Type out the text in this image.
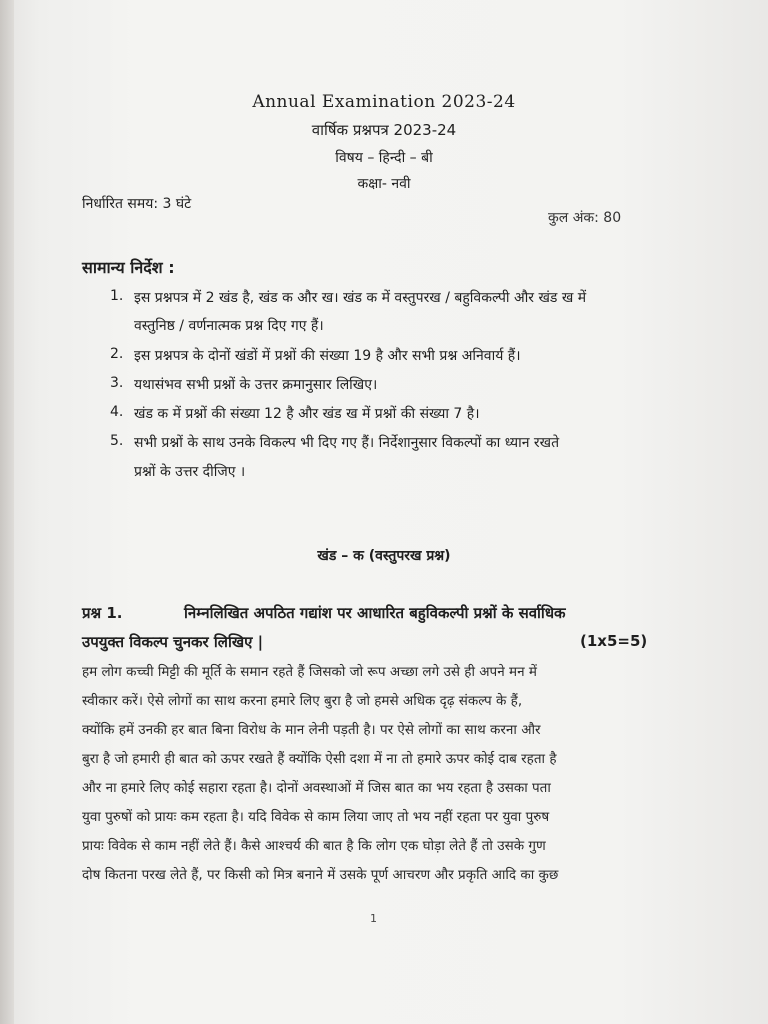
Annual Examination 2023-24
वार्षिक प्रश्नपत्र 2023-24
विषय – हिन्दी – बी
कक्षा- नवी
निर्धारित समय: 3 घंटे
कुल अंक: 80
सामान्य निर्देश :
1. इस प्रश्नपत्र में 2 खंड है, खंड क और ख। खंड क में वस्तुपरख / बहुविकल्पी और खंड ख में
वस्तुनिष्ठ / वर्णनात्मक प्रश्न दिए गए हैं।
2. इस प्रश्नपत्र के दोनों खंडों में प्रश्नों की संख्या 19 है और सभी प्रश्न अनिवार्य हैं।
3. यथासंभव सभी प्रश्नों के उत्तर क्रमानुसार लिखिए।
4. खंड क में प्रश्नों की संख्या 12 है और खंड ख में प्रश्नों की संख्या 7 है।
5. सभी प्रश्नों के साथ उनके विकल्प भी दिए गए हैं। निर्देशानुसार विकल्पों का ध्यान रखते
प्रश्नों के उत्तर दीजिए ।
खंड – क (वस्तुपरख प्रश्न)
प्रश्न 1.	निम्नलिखित अपठित गद्यांश पर आधारित बहुविकल्पी प्रश्नों के सर्वाधिक
उपयुक्त विकल्प चुनकर लिखिए |	(1x5=5)
हम लोग कच्ची मिट्टी की मूर्ति के समान रहते हैं जिसको जो रूप अच्छा लगे उसे ही अपने मन में
स्वीकार करें। ऐसे लोगों का साथ करना हमारे लिए बुरा है जो हमसे अधिक दृढ़ संकल्प के हैं,
क्योंकि हमें उनकी हर बात बिना विरोध के मान लेनी पड़ती है। पर ऐसे लोगों का साथ करना और
बुरा है जो हमारी ही बात को ऊपर रखते हैं क्योंकि ऐसी दशा में ना तो हमारे ऊपर कोई दाब रहता है
और ना हमारे लिए कोई सहारा रहता है। दोनों अवस्थाओं में जिस बात का भय रहता है उसका पता
युवा पुरुषों को प्रायः कम रहता है। यदि विवेक से काम लिया जाए तो भय नहीं रहता पर युवा पुरुष
प्रायः विवेक से काम नहीं लेते हैं। कैसे आश्चर्य की बात है कि लोग एक घोड़ा लेते हैं तो उसके गुण
दोष कितना परख लेते हैं, पर किसी को मित्र बनाने में उसके पूर्ण आचरण और प्रकृति आदि का कुछ
1
